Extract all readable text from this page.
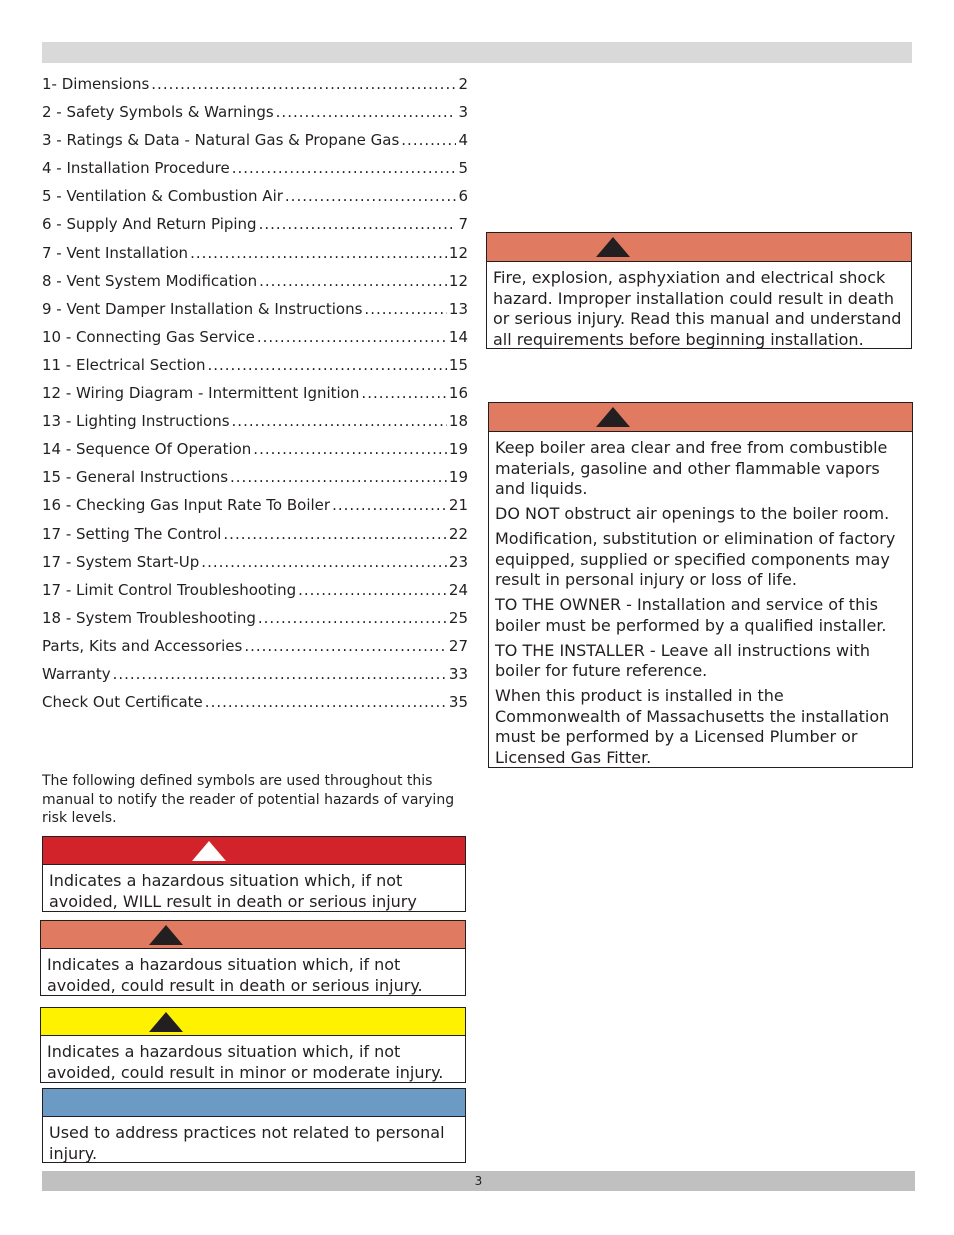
1- Dimensions .....	2
2 - Safety Symbols & Warnings .....	3
3 - Ratings & Data - Natural Gas & Propane Gas .....	4
4 - Installation Procedure .....	5
5 - Ventilation & Combustion Air .....	6
6 - Supply And Return Piping .....	7
7 - Vent Installation .....	12
8 - Vent System Modification .....	12
9 - Vent Damper Installation & Instructions .....	13
10 - Connecting Gas Service .....	14
11 - Electrical Section .....	15
12 - Wiring Diagram - Intermittent Ignition .....	16
13 - Lighting Instructions .....	18
14 - Sequence Of Operation .....	19
15 - General Instructions .....	19
16 - Checking Gas Input Rate To Boiler .....	21
17 - Setting The Control .....	22
17 - System Start-Up .....	23
17 - Limit Control Troubleshooting .....	24
18 - System Troubleshooting .....	25
Parts, Kits and Accessories .....	27
Warranty .....	33
Check Out Certificate .....	35
The following defined symbols are used throughout this manual to notify the reader of potential hazards of varying risk levels.
Indicates a hazardous situation which, if not avoided, WILL result in death or serious injury
Indicates a hazardous situation which, if not avoided, could result in death or serious injury.
Indicates a hazardous situation which, if not avoided, could result in minor or moderate injury.
Used to address practices not related to personal injury.
Fire, explosion, asphyxiation and electrical shock hazard. Improper installation could result in death or serious injury. Read this manual and understand all requirements before beginning installation.

Keep boiler area clear and free from combustible materials, gasoline and other flammable vapors and liquids.

DO NOT obstruct air openings to the boiler room.

Modification, substitution or elimination of factory equipped, supplied or specified components may result in personal injury or loss of life.

TO THE OWNER - Installation and service of this boiler must be performed by a qualified installer.

TO THE INSTALLER - Leave all instructions with boiler for future reference.

When this product is installed in the Commonwealth of Massachusetts the installation must be performed by a Licensed Plumber or Licensed Gas Fitter.

3
